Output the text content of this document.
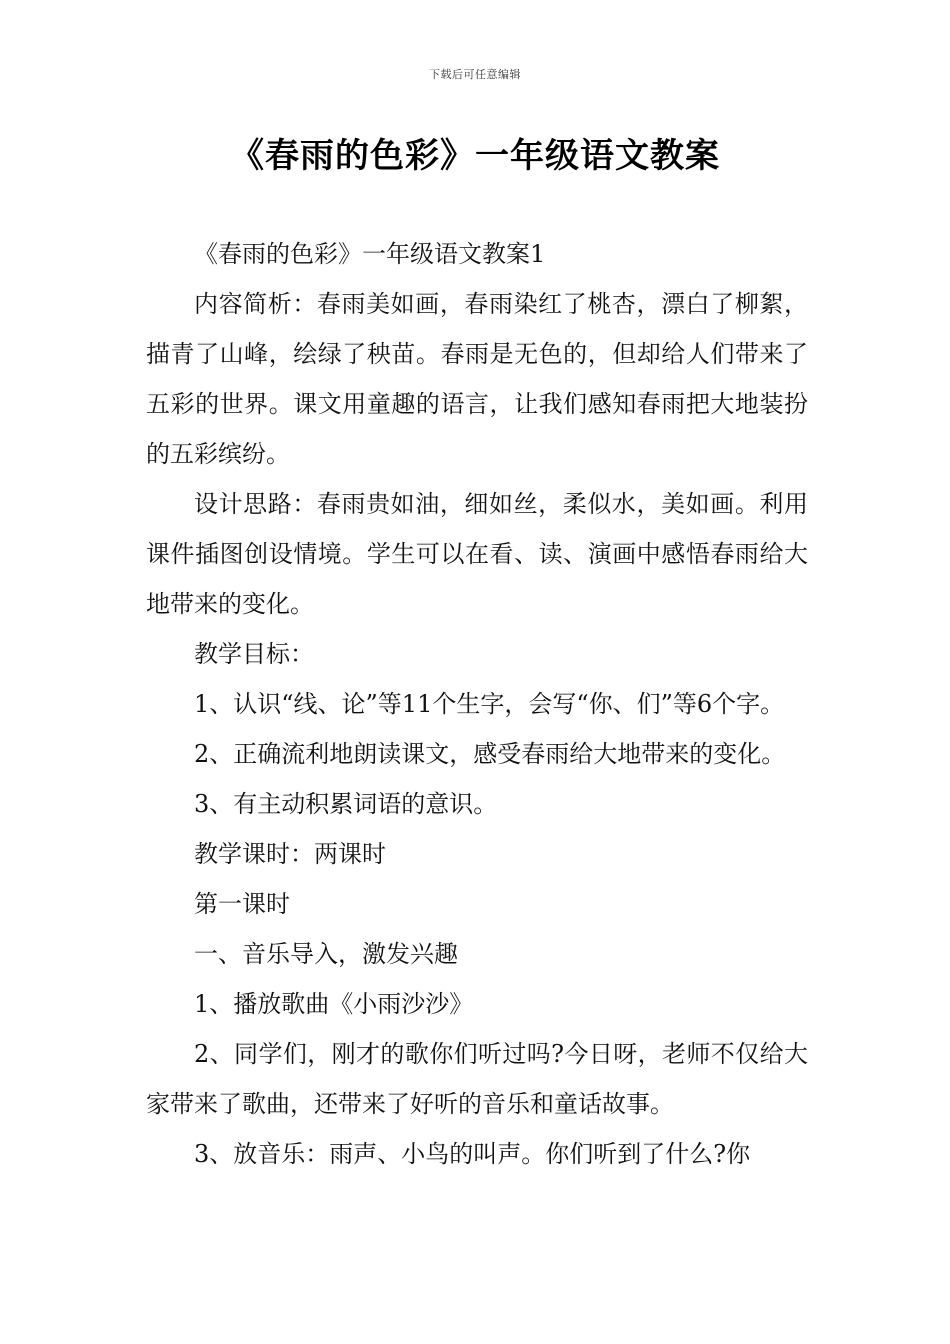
下载后可任意编辑
《春雨的色彩》一年级语文教案

《春雨的色彩》一年级语文教案1

内容简析：春雨美如画，春雨染红了桃杏，漂白了柳絮，描青了山峰，绘绿了秧苗。春雨是无色的，但却给人们带来了五彩的世界。课文用童趣的语言，让我们感知春雨把大地装扮的五彩缤纷。

设计思路：春雨贵如油，细如丝，柔似水，美如画。利用课件插图创设情境。学生可以在看、读、演画中感悟春雨给大地带来的变化。

教学目标：

1、认识“线、论”等11个生字，会写“你、们”等6个字。

2、正确流利地朗读课文，感受春雨给大地带来的变化。

3、有主动积累词语的意识。

教学课时：两课时

第一课时

一、音乐导入，激发兴趣

1、播放歌曲《小雨沙沙》

2、同学们，刚才的歌你们听过吗?今日呀，老师不仅给大家带来了歌曲，还带来了好听的音乐和童话故事。

3、放音乐：雨声、小鸟的叫声。你们听到了什么?你
